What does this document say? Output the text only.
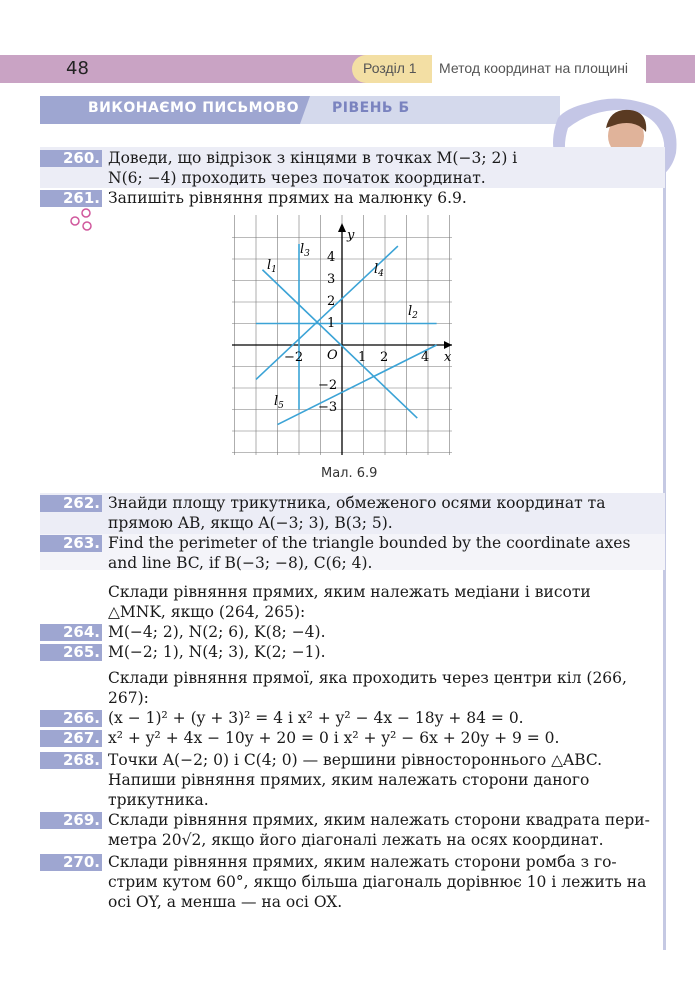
48	Розділ 1 Метод координат на площині
ВИКОНАЄМО ПИСЬМОВО РІВЕНЬ Б
260. Доведи, що відрізок з кінцями в точках M(−3; 2) і
N(6; −4) проходить через початок координат.
261. Запишіть рівняння прямих на малюнку 6.9.
x
y
O
−2	1 2	4
4
3
2
1
−2
−3
$l_1$
$l_2$
$l_3$
$l_4$
$l_5$
Мал. 6.9
262. Знайди площу трикутника, обмеженого осями координат та
прямою AB, якщо A(−3; 3), B(3; 5).
263. Find the perimeter of the triangle bounded by the coordinate axes
and line BC, if B(−3; −8), C(6; 4).
Склади рівняння прямих, яким належать медіани і висоти
△MNK, якщо (264, 265):
264. M(−4; 2), N(2; 6), K(8; −4).
265. M(−2; 1), N(4; 3), K(2; −1).
Склади рівняння прямої, яка проходить через центри кіл (266,
267):
266. (x − 1)² + (y + 3)² = 4 і x² + y² − 4x − 18y + 84 = 0.
267. x² + y² + 4x − 10y + 20 = 0 і x² + y² − 6x + 20y + 9 = 0.
268. Точки A(−2; 0) і C(4; 0) — вершини рівностороннього △ABC.
Напиши рівняння прямих, яким належать сторони даного
трикутника.
269. Склади рівняння прямих, яким належать сторони квадрата пери-
метра 20√2, якщо його діагоналі лежать на осях координат.
270. Склади рівняння прямих, яким належать сторони ромба з го-
стрим кутом 60°, якщо більша діагональ дорівнює 10 і лежить на
осі OY, а менша — на осі OX.
